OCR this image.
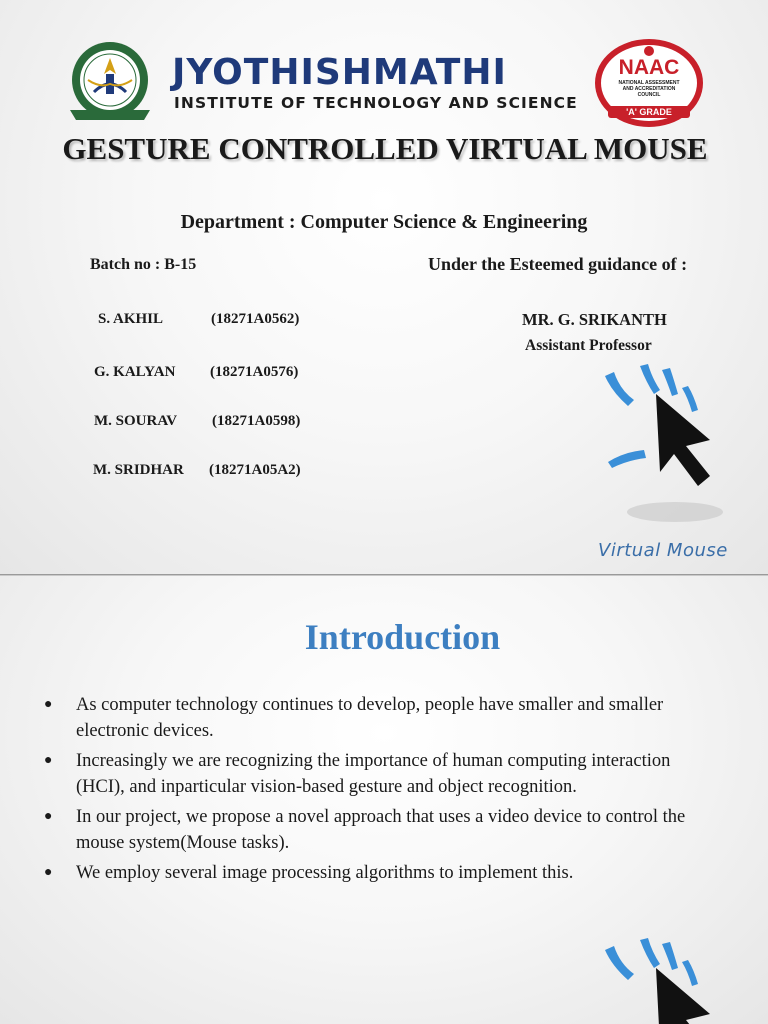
JYOTHISHMATHI
INSTITUTE OF TECHNOLOGY AND SCIENCE
NAAC
NATIONAL ASSESSMENT AND ACCREDITATION COUNCIL
'A' GRADE
GESTURE CONTROLLED VIRTUAL MOUSE
Department : Computer Science & Engineering
Batch no : B-15	Under the Esteemed guidance of :
S. AKHIL	(18271A0562)
G. KALYAN (18271A0576)
M. SOURAV (18271A0598)
M. SRIDHAR (18271A05A2)
MR. G. SRIKANTH
Assistant Professor
Virtual Mouse
Introduction
● As computer technology continues to develop, people have smaller and smaller electronic devices.
● Increasingly we are recognizing the importance of human computing interaction (HCI), and inparticular vision-based gesture and object recognition.
● In our project, we propose a novel approach that uses a video device to control the mouse system(Mouse tasks).
● We employ several image processing algorithms to implement this.
